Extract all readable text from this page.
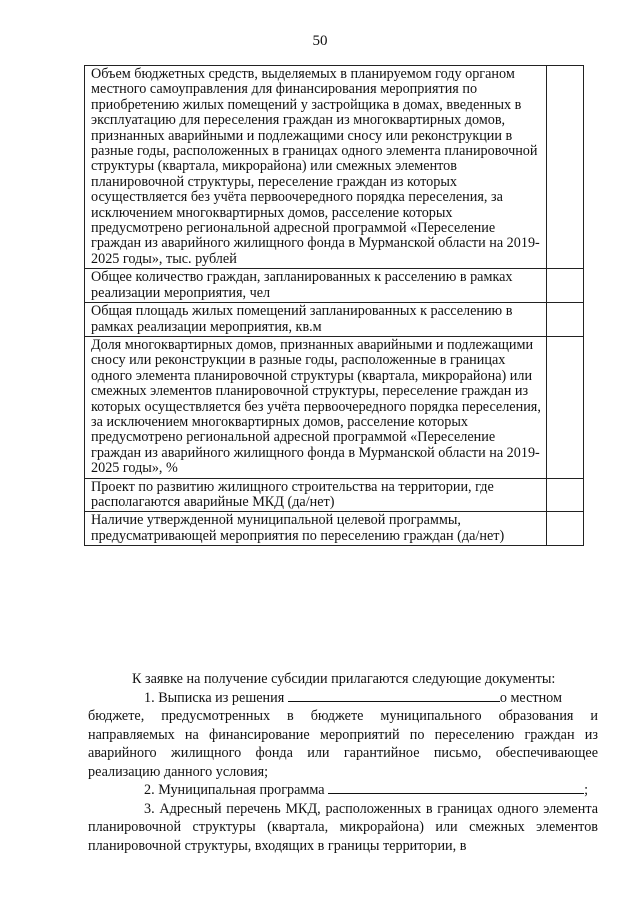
50
Объем бюджетных средств, выделяемых в планируемом году органом местного самоуправления для финансирования мероприятия по приобретению жилых помещений у застройщика в домах, введенных в эксплуатацию для переселения граждан из многоквартирных домов, признанных аварийными и подлежащими сносу или реконструкции в разные годы, расположенных в границах одного элемента планировочной структуры (квартала, микрорайона) или смежных элементов планировочной структуры, переселение граждан из которых осуществляется без учёта первоочередного порядка переселения, за исключением многоквартирных домов, расселение которых предусмотрено региональной адресной программой «Переселение граждан из аварийного жилищного фонда в Мурманской области на 2019-2025 годы», тыс. рублей	
Общее количество граждан, запланированных к расселению в рамках реализации мероприятия, чел	
Общая площадь жилых помещений запланированных к расселению в рамках реализации мероприятия, кв.м	
Доля многоквартирных домов, признанных аварийными и подлежащими сносу или реконструкции в разные годы, расположенные в границах одного элемента планировочной структуры (квартала, микрорайона) или смежных элементов планировочной структуры, переселение граждан из которых осуществляется без учёта первоочередного порядка переселения, за исключением многоквартирных домов, расселение которых предусмотрено региональной адресной программой «Переселение граждан из аварийного жилищного фонда в Мурманской области на 2019-2025 годы», %	
Проект по развитию жилищного строительства на территории, где располагаются аварийные МКД (да/нет)	
Наличие утвержденной муниципальной целевой программы, предусматривающей мероприятия по переселению граждан (да/нет)	
К заявке на получение субсидии прилагаются следующие документы:
1. Выписка из решения	о местном
бюджете, предусмотренных в бюджете муниципального образования и направляемых на финансирование мероприятий по переселению граждан из аварийного жилищного фонда или гарантийное письмо, обеспечивающее реализацию данного условия;
2. Муниципальная программа	;
3. Адресный перечень МКД, расположенных в границах одного элемента планировочной структуры (квартала, микрорайона) или смежных элементов планировочной структуры, входящих в границы территории, в
